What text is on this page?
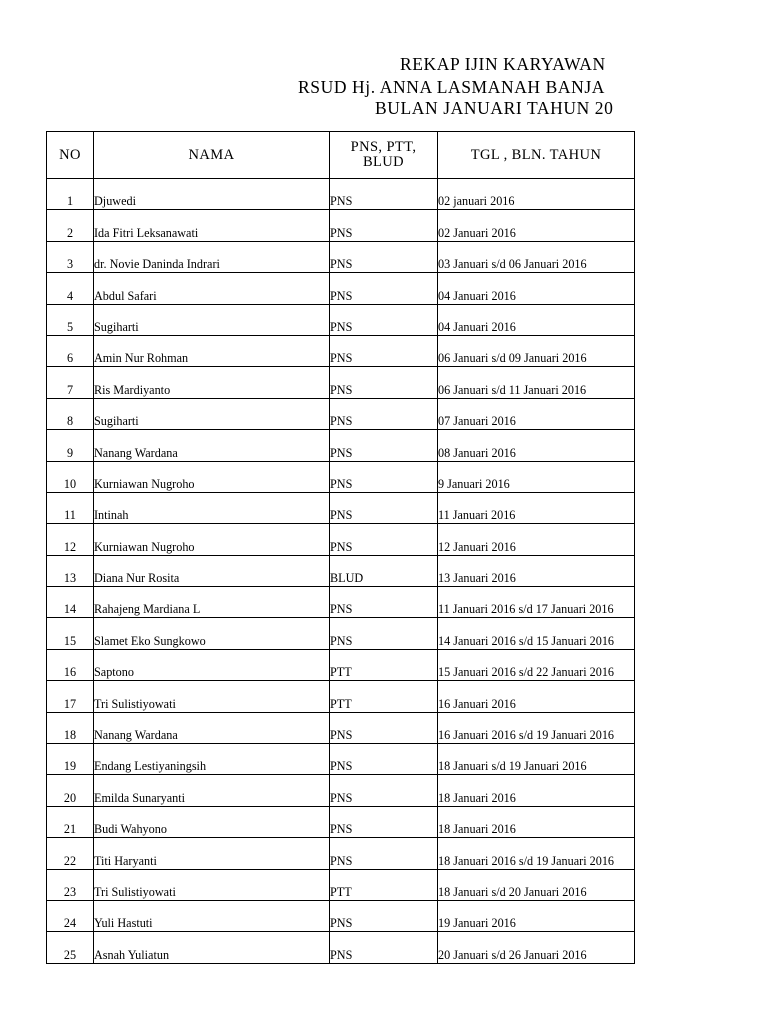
REKAP IJIN KARYAWAN
RSUD Hj. ANNA LASMANAH BANJA
BULAN JANUARI TAHUN 20
NO	NAMA	PNS, PTT, BLUD	TGL , BLN. TAHUN
1	Djuwedi	PNS	02 januari 2016
2	Ida Fitri Leksanawati	PNS	02 Januari 2016
3	dr. Novie Daninda Indrari	PNS	03 Januari s/d 06 Januari 2016
4	Abdul Safari	PNS	04 Januari 2016
5	Sugiharti	PNS	04 Januari 2016
6	Amin Nur Rohman	PNS	06 Januari s/d 09 Januari 2016
7	Ris Mardiyanto	PNS	06 Januari s/d 11 Januari 2016
8	Sugiharti	PNS	07 Januari 2016
9	Nanang Wardana	PNS	08 Januari 2016
10	Kurniawan Nugroho	PNS	9 Januari 2016
11	Intinah	PNS	11 Januari 2016
12	Kurniawan Nugroho	PNS	12 Januari 2016
13	Diana Nur Rosita	BLUD	13 Januari 2016
14	Rahajeng Mardiana L	PNS	11 Januari 2016 s/d 17 Januari 2016
15	Slamet Eko Sungkowo	PNS	14 Januari 2016 s/d 15 Januari 2016
16	Saptono	PTT	15 Januari 2016 s/d 22 Januari 2016
17	Tri Sulistiyowati	PTT	16 Januari 2016
18	Nanang Wardana	PNS	16 Januari 2016 s/d 19 Januari 2016
19	Endang Lestiyaningsih	PNS	18 Januari s/d 19 Januari 2016
20	Emilda Sunaryanti	PNS	18 Januari 2016
21	Budi Wahyono	PNS	18 Januari 2016
22	Titi Haryanti	PNS	18 Januari 2016 s/d 19 Januari 2016
23	Tri Sulistiyowati	PTT	18 Januari s/d 20 Januari 2016
24	Yuli Hastuti	PNS	19 Januari 2016
25	Asnah Yuliatun	PNS	20 Januari s/d 26 Januari 2016
